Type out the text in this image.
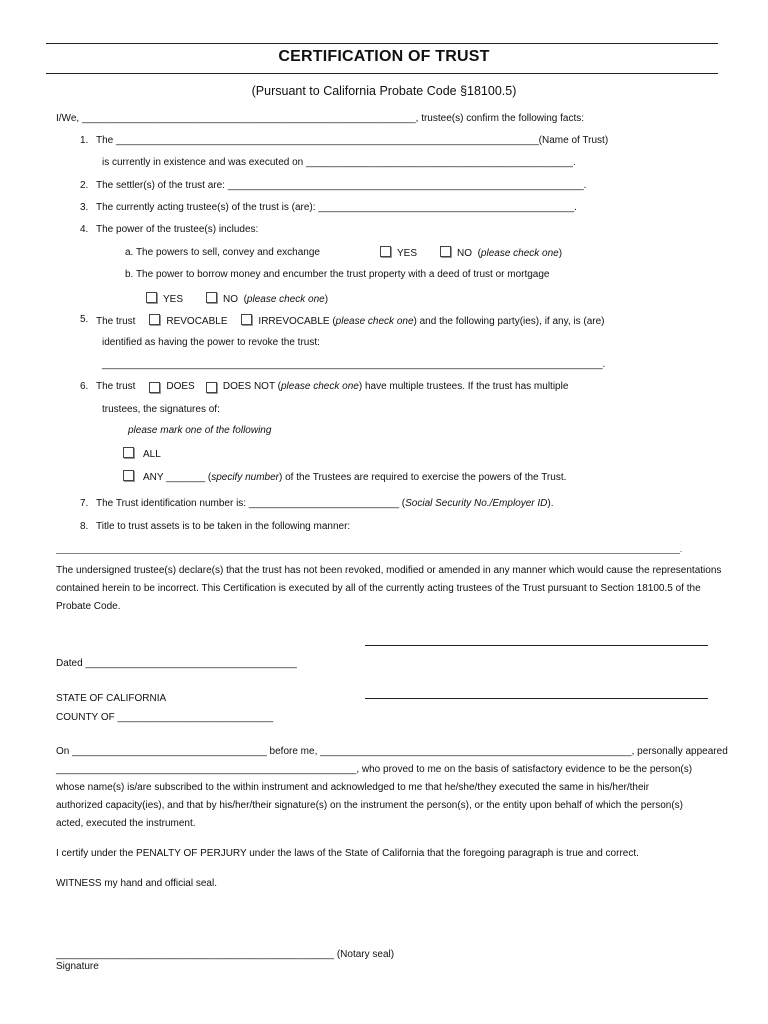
CERTIFICATION OF TRUST
(Pursuant to California Probate Code §18100.5)
I/We, ____________________________________________________________, trustee(s) confirm the following facts:
1. The ____________________________________________________________________________(Name of Trust)
is currently in existence and was executed on ________________________________________________.
2. The settler(s) of the trust are: ________________________________________________________________.
3. The currently acting trustee(s) of the trust is (are): ______________________________________________.
4. The power of the trustee(s) includes:
a. The powers to sell, convey and exchange	YES	NO (please check one)
b. The power to borrow money and encumber the trust property with a deed of trust or mortgage
YES	NO (please check one)
5. The trust	REVOCABLE	IRREVOCABLE (please check one) and the following party(ies), if any, is (are)
identified as having the power to revoke the trust:
__________________________________________________________________________________________.
6. The trust	DOES	DOES NOT (please check one) have multiple trustees. If the trust has multiple
trustees, the signatures of:
please mark one of the following
ALL
ANY _______ (specify number) of the Trustees are required to exercise the powers of the Trust.
7. The Trust identification number is: ___________________________ (Social Security No./Employer ID).
8. Title to trust assets is to be taken in the following manner:
_________________________________________________________________________________________________________________________________________.
The undersigned trustee(s) declare(s) that the trust has not been revoked, modified or amended in any manner which would cause the representations
contained herein to be incorrect. This Certification is executed by all of the currently acting trustees of the Trust pursuant to Section 18100.5 of the
Probate Code.
Dated ______________________________________
STATE OF CALIFORNIA
COUNTY OF ____________________________
On ___________________________________ before me, ________________________________________________________, personally appeared
______________________________________________________, who proved to me on the basis of satisfactory evidence to be the person(s)
whose name(s) is/are subscribed to the within instrument and acknowledged to me that he/she/they executed the same in his/her/their
authorized capacity(ies), and that by his/her/their signature(s) on the instrument the person(s), or the entity upon behalf of which the person(s)
acted, executed the instrument.
I certify under the PENALTY OF PERJURY under the laws of the State of California that the foregoing paragraph is true and correct.
WITNESS my hand and official seal.
__________________________________________________ (Notary seal)
Signature
